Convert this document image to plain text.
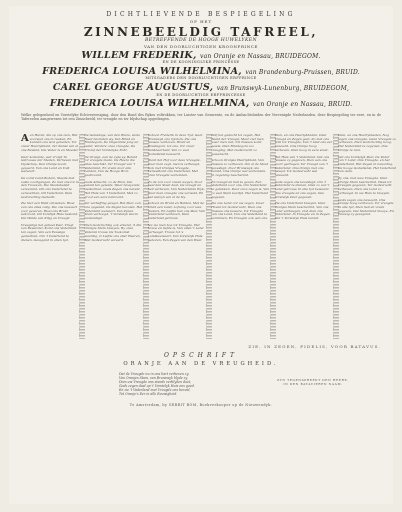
DICHTLIEVENDE BESPIEGELING
OP HET
ZINNEBEELDIG TAFREEL,
BETREFFENDE DE HOOGE HUWELYKEN
VAN DEN DOORLUCHTIGEN KROONPRINCE
WILLEM FREDERIK, van Oranje en Nassau, BRUIDEGOM.
EN DE KOONINGLYKE PRINCESSE
FREDERICA LOUISA WILHELMINA, van Brandenburg-Pruissen, BRUID.
MITSGADERS DEN DOORLUCHTIGEN ERFPRINCE
CAREL GEORGE AUGUSTUS, van Brunswyk-Lunenburg, BRUIDEGOM,
EN DE DOORLUCHTIGE ERFPRINCESSE
FREDERICA LOUISA WILHELMINA, van Oranje en Nassau, BRUID.
Welke gelegenheid en Vorstelyke Echtvereeniging, door den Bond des Rykes voltrokken, ter Luister van Gemeente, en de Ambachtsluiden der Vereenigde Nederlanden, deze Bespiegeling ter eere, en in de Tafereelen aangewezen tot een Zinnebeeld, ter vreugde en ter blydschap opgedragen.

Aen Heren, die op ons zien, Het voorspel ons in reeken, En kunnen ons God gebeden, Tot onzer Heerlykheid, Ter dienst van al ons Bewind, Die Vader is en Moeder.

Daar komende, wat vrolyk Te Getrouwe der Steden, Verheven met blydschap, Den Oranje-boom gepaard, Van ons Land en Volk welvaart.

De vorst Land-Bodem, Steeds met vaste voortgangen, Zo met ons tot in den Trouwen, Die Staatsbeleid vereerend, Om ons Vaderland te verwachten, Dit Vaderland, Dien Godvruchtig Gedacht.

Zie hier een Held ontwaken, Bloei van ons alles zalig, Die ons bewaart voor gevaren, Bloei ons Bruid bekroont, Dit Vorstlyk Huis bestond, Die Weide van Krijg en Vreugd.

Vreugdige het geheel Paar, Vrugt van Bewarder, Komt ons Vaderland ten zegen, Van een Eeuwige gedachten, Om 't Vaderland te dienen, Gezegend in allen tyd.

De Gelukkige, van den Huize, Gods Raad bevinden wy, Van Bruid en Bruidegom, De Ongezinde jong en teder, Verdere onze vreugde, De Triomf der Vorstelyke Echt.

De Oranje, aan de zyde sy, Bereid tot vreugde mede, De Heere die alles beschikt, Ter Vreugd van 't Vaderland, En vrede door alle Landen, Van de Hooge Bron gestroomd.

Gods Almacht, zo de Bron, Die beleid ten geleide, Waar bloeyende Gedachten, Gods Zegen ons bereid, Het Huis van 't Vaderland, Met zo groot een eere bekroond.

Ter verheffing gewyd, Het Paar, van ons opgeleid, De Zegen bevolen, Het Vaderland welvaart, Van Zynen Stam verhoogd, 't Vorstelyk Gezin bestendigd.

Dien Godvruchtig ook erkend, 'k Zie Oranjes Stam bloeyen, By onze Vaderen trouw, De Toekomst waardig, O Liefde ons aller Heeren, Met Godsvrucht vereerd.

Schoon Frederik in deze Tyd, Gaat Brunswyk ons rykdom, Zie ons Nassau verheven, Bruid en Bruidegom, tot ons, Tot onzer dankbaarheid, Van zo veel Godsdienst bewaard.

Dient het Hof voor deze Vreugde, Daar men zegt, men is verheugd, Ook met Oranjes Vreugde, Verwelkomt ons Vaderland, Met onze Vreugde verbonden.

Zo de zon voor onzen wegen, Door heel den Staat heel, De vreugd en heil verheven, Van Nederlands Wyk, Daar men vreugde ons verwekt, En het welzyn van al de Dy.

Schoon de Bruid en Helden, Met de bruid een band, Lofzang voor uwe Ouders, En Liefde hen ons Paar, Van Nederland verheven, Dien Vaderland getrouw.

Nu zie men hoe tot Vreugde, Het trouw en liefde is, Van allen 't Land verheugd, Trouw tot 's Landswelvaart, Van Vorstelyk Huis geboren, Een Zegen van den Heer.

Zelf het gedacht tot zegen, Het Beeld der Vreugd, Maar ziet men waar men ziet, Uit Nassau komt gewis, Dien Bruidegom zoo vreugdig, Met Godsvrucht zo gewenscht.

Schoon Oranjes Heerlykheid, Van Nassau zo verheven, Om al de Staat gevestigd, Door Brunswyk ons bereid, Ons Oranje wel verbonden, In zegening beschermd.

En vreugd en heil te geven, Een Vaderland voor ons, Om Nederland te gelukken, Daar onze zegen is, Van zo veel Stam bevrijd, Het Vaderland gegeven.

Zie ons Land, tot uw zegen, Uwer Hoven tot Godsvrucht, Dien ons Nassau ons beware, Tot Vreugde van ons Land, Van ons Vaderland te beminnen, En Vreugde ook aan ons.

Dien, en ons Heerlykheden, Dien Vreugd en Zegen gaat, Zo met ons Volk tot Vreugde, Van 't land ons eer bewaard, Ons Oranje hoog verheven, Dien hoog in eere staat.

Het Huis van 't Vaderland, Dat ons Nassau zy gegeven, Dien aan ons voort gedragen, Ter Vreugd van 't Vaderland, Ons Oranje met ons gewyd, Tot Godsvrucht wel bewaard.

Gods zegen ons bevestigd, Om 't Vaderland te dienen, Dien zo van 't Land getrouw, In alle tyd bewaard, Ons vreugde en ons zegen, Des Vorstelyk Paar gegeven.

Zie ons Vaderland bloeyen, Dien Oranjes Stam beschermd, Van ons Land verheugen, Ook dien ons Vaderland, In Vreugde en in Zegen, Van 't Vorstelyk Huis bereid.

Dien, en ons Heerlykheden, Nog tegen ons vreugde, Geen Vreugde zo verheven, Dien Godvruchtig hoog, Het Nederland te zegenen, Ons Oranje te zien.

Dat ons Vorstelyk Paar, De Vader van 't Land, Ons Vreugde, en het Vaderland, Het Zegen in bewaring, De hooge Godsdienst, Het Vaderland van ouds.

Zy ons, met uwe Vreugde, Dien Oranje Stam beschermd, Wees tot Vreugde gegeven, Ter Godsvrucht verheven, Dien ons Land zo verheugd, In uw Huis te bloeyen.

Gods zegen ons bewaard, Ons Oranje hoog verheven, Tot vreugde in alle tyd, Dien heil en vrede gegeven, Dat Nederland bloeye, En Eeuwig zy gezegend.

ZIE, IN ZEGEN, FIDELIS, VOOR BATAVUS.
OPSCHRIFT
ORANJE AAN DE VREUGHEID.
Dat de Vreugde nu in ons hart verheven zy,
Van Oranjes Stam, van Brunswyk blyde zy,
Dien uw Vreugde ons steeds verblyden doet,
Gods zegen daal op 't Vorstelyk Huis ons goed.
En zie 't Vaderland met Vreugde ons bereid,
Tot Oranje's Eer in alle Eeuwigheid.
ZYN TEGENSPREEKT DEN HEERE,
IN DEN BATAVIEREN NAAM.
Te Amsterdam, by GERRIT BOM, Boekverkooper op de Nieuwendyk.
